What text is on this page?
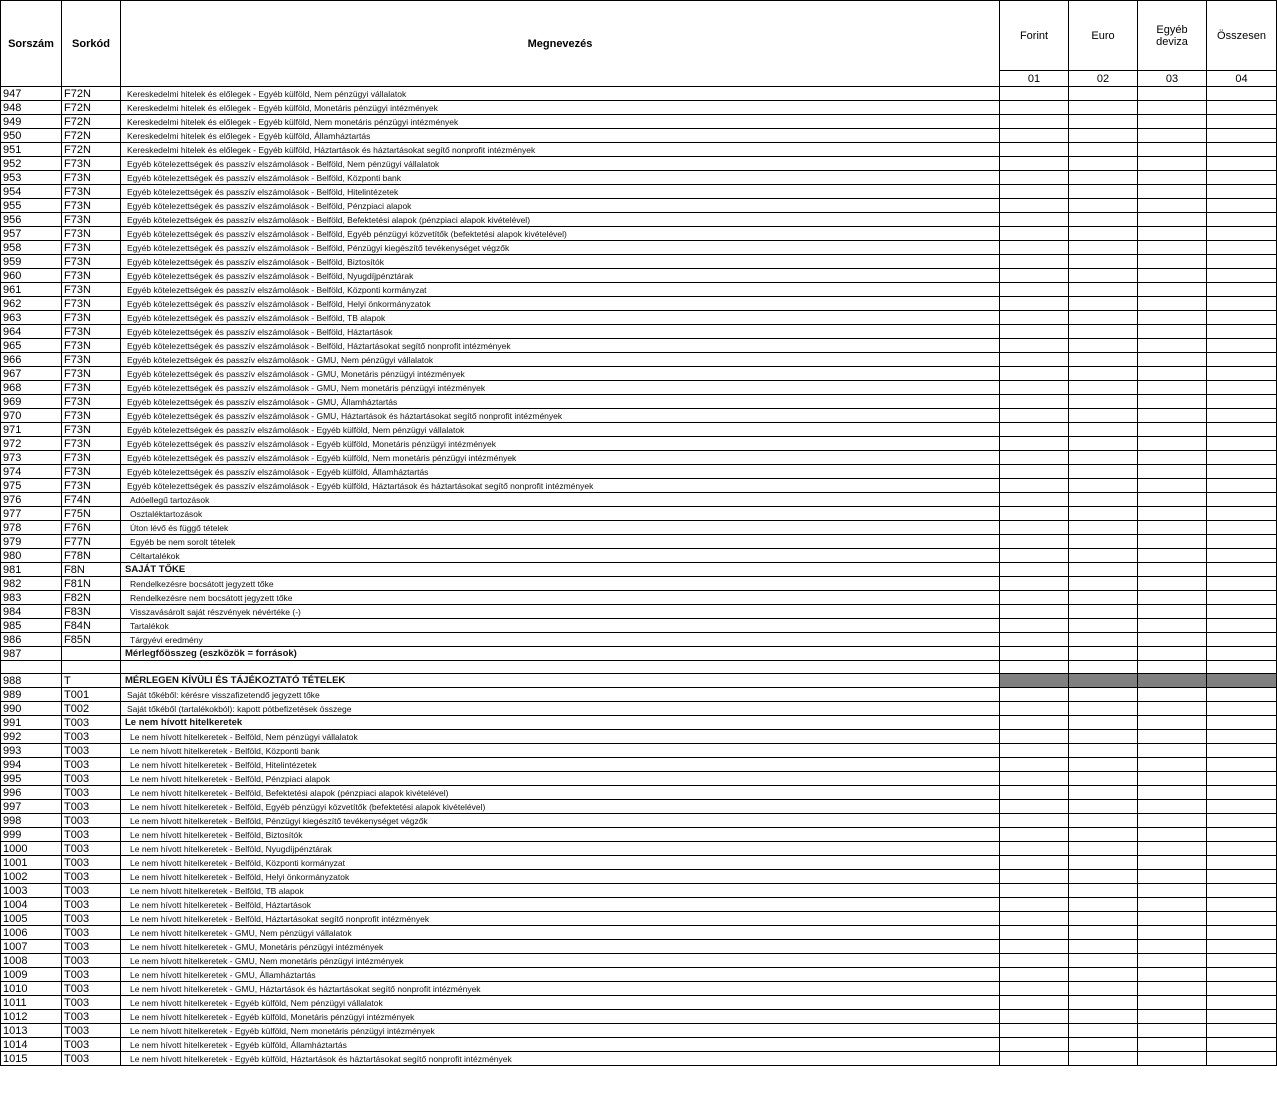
Sorszám	Sorkód	Megnevezés	Forint	Euro	Egyéb deviza	Összesen
			01	02	03	04
947	F72N	Kereskedelmi hitelek és előlegek - Egyéb külföld, Nem pénzügyi vállalatok				
948	F72N	Kereskedelmi hitelek és előlegek - Egyéb külföld, Monetáris pénzügyi intézmények				
949	F72N	Kereskedelmi hitelek és előlegek - Egyéb külföld, Nem monetáris pénzügyi intézmények				
950	F72N	Kereskedelmi hitelek és előlegek - Egyéb külföld, Államháztartás				
951	F72N	Kereskedelmi hitelek és előlegek - Egyéb külföld, Háztartások és háztartásokat segítő nonprofit intézmények				
952	F73N	Egyéb kötelezettségek és passzív elszámolások - Belföld, Nem pénzügyi vállalatok				
953	F73N	Egyéb kötelezettségek és passzív elszámolások - Belföld, Központi bank				
954	F73N	Egyéb kötelezettségek és passzív elszámolások - Belföld, Hitelintézetek				
955	F73N	Egyéb kötelezettségek és passzív elszámolások - Belföld, Pénzpiaci alapok				
956	F73N	Egyéb kötelezettségek és passzív elszámolások - Belföld, Befektetési alapok (pénzpiaci alapok kivételével)				
957	F73N	Egyéb kötelezettségek és passzív elszámolások - Belföld, Egyéb pénzügyi közvetítők (befektetési alapok kivételével)				
958	F73N	Egyéb kötelezettségek és passzív elszámolások - Belföld, Pénzügyi kiegészítő tevékenységet végzők				
959	F73N	Egyéb kötelezettségek és passzív elszámolások - Belföld, Biztosítók				
960	F73N	Egyéb kötelezettségek és passzív elszámolások - Belföld, Nyugdíjpénztárak				
961	F73N	Egyéb kötelezettségek és passzív elszámolások - Belföld, Központi kormányzat				
962	F73N	Egyéb kötelezettségek és passzív elszámolások - Belföld, Helyi önkormányzatok				
963	F73N	Egyéb kötelezettségek és passzív elszámolások - Belföld, TB alapok				
964	F73N	Egyéb kötelezettségek és passzív elszámolások - Belföld, Háztartások				
965	F73N	Egyéb kötelezettségek és passzív elszámolások - Belföld, Háztartásokat segítő nonprofit intézmények				
966	F73N	Egyéb kötelezettségek és passzív elszámolások - GMU, Nem pénzügyi vállalatok				
967	F73N	Egyéb kötelezettségek és passzív elszámolások - GMU, Monetáris pénzügyi intézmények				
968	F73N	Egyéb kötelezettségek és passzív elszámolások - GMU, Nem monetáris pénzügyi intézmények				
969	F73N	Egyéb kötelezettségek és passzív elszámolások - GMU, Államháztartás				
970	F73N	Egyéb kötelezettségek és passzív elszámolások - GMU, Háztartások és háztartásokat segítő nonprofit intézmények				
971	F73N	Egyéb kötelezettségek és passzív elszámolások - Egyéb külföld, Nem pénzügyi vállalatok				
972	F73N	Egyéb kötelezettségek és passzív elszámolások - Egyéb külföld, Monetáris pénzügyi intézmények				
973	F73N	Egyéb kötelezettségek és passzív elszámolások - Egyéb külföld, Nem monetáris pénzügyi intézmények				
974	F73N	Egyéb kötelezettségek és passzív elszámolások - Egyéb külföld, Államháztartás				
975	F73N	Egyéb kötelezettségek és passzív elszámolások - Egyéb külföld, Háztartások és háztartásokat segítő nonprofit intézmények				
976	F74N	Adóellegű tartozások				
977	F75N	Osztaléktartozások				
978	F76N	Úton lévő és függő tételek				
979	F77N	Egyéb be nem sorolt tételek				
980	F78N	Céltartalékok				
981	F8N	SAJÁT TŐKE				
982	F81N	Rendelkezésre bocsátott jegyzett tőke				
983	F82N	Rendelkezésre nem bocsátott jegyzett tőke				
984	F83N	Visszavásárolt saját részvények névértéke (-)				
985	F84N	Tartalékok				
986	F85N	Tárgyévi eredmény				
987		Mérlegfőösszeg (eszközök = források)				

988	T	MÉRLEGEN KÍVÜLI ÉS TÁJÉKOZTATÓ TÉTELEK				
989	T001	Saját tőkéből: kérésre visszafizetendő jegyzett tőke				
990	T002	Saját tőkéből (tartalékokból): kapott pótbefizetések összege				
991	T003	Le nem hívott hitelkeretek				
992	T003	Le nem hívott hitelkeretek - Belföld, Nem pénzügyi vállalatok				
993	T003	Le nem hívott hitelkeretek - Belföld, Központi bank				
994	T003	Le nem hívott hitelkeretek - Belföld, Hitelintézetek				
995	T003	Le nem hívott hitelkeretek - Belföld, Pénzpiaci alapok				
996	T003	Le nem hívott hitelkeretek - Belföld, Befektetési alapok (pénzpiaci alapok kivételével)				
997	T003	Le nem hívott hitelkeretek - Belföld, Egyéb pénzügyi közvetítők (befektetési alapok kivételével)				
998	T003	Le nem hívott hitelkeretek - Belföld, Pénzügyi kiegészítő tevékenységet végzők				
999	T003	Le nem hívott hitelkeretek - Belföld, Biztosítók				
1000	T003	Le nem hívott hitelkeretek - Belföld, Nyugdíjpénztárak				
1001	T003	Le nem hívott hitelkeretek - Belföld, Központi kormányzat				
1002	T003	Le nem hívott hitelkeretek - Belföld, Helyi önkormányzatok				
1003	T003	Le nem hívott hitelkeretek - Belföld, TB alapok				
1004	T003	Le nem hívott hitelkeretek - Belföld, Háztartások				
1005	T003	Le nem hívott hitelkeretek - Belföld, Háztartásokat segítő nonprofit intézmények				
1006	T003	Le nem hívott hitelkeretek - GMU, Nem pénzügyi vállalatok				
1007	T003	Le nem hívott hitelkeretek - GMU, Monetáris pénzügyi intézmények				
1008	T003	Le nem hívott hitelkeretek - GMU, Nem monetáris pénzügyi intézmények				
1009	T003	Le nem hívott hitelkeretek - GMU, Államháztartás				
1010	T003	Le nem hívott hitelkeretek - GMU, Háztartások és háztartásokat segítő nonprofit intézmények				
1011	T003	Le nem hívott hitelkeretek - Egyéb külföld, Nem pénzügyi vállalatok				
1012	T003	Le nem hívott hitelkeretek - Egyéb külföld, Monetáris pénzügyi intézmények				
1013	T003	Le nem hívott hitelkeretek - Egyéb külföld, Nem monetáris pénzügyi intézmények				
1014	T003	Le nem hívott hitelkeretek - Egyéb külföld, Államháztartás				
1015	T003	Le nem hívott hitelkeretek - Egyéb külföld, Háztartások és háztartásokat segítő nonprofit intézmények				
